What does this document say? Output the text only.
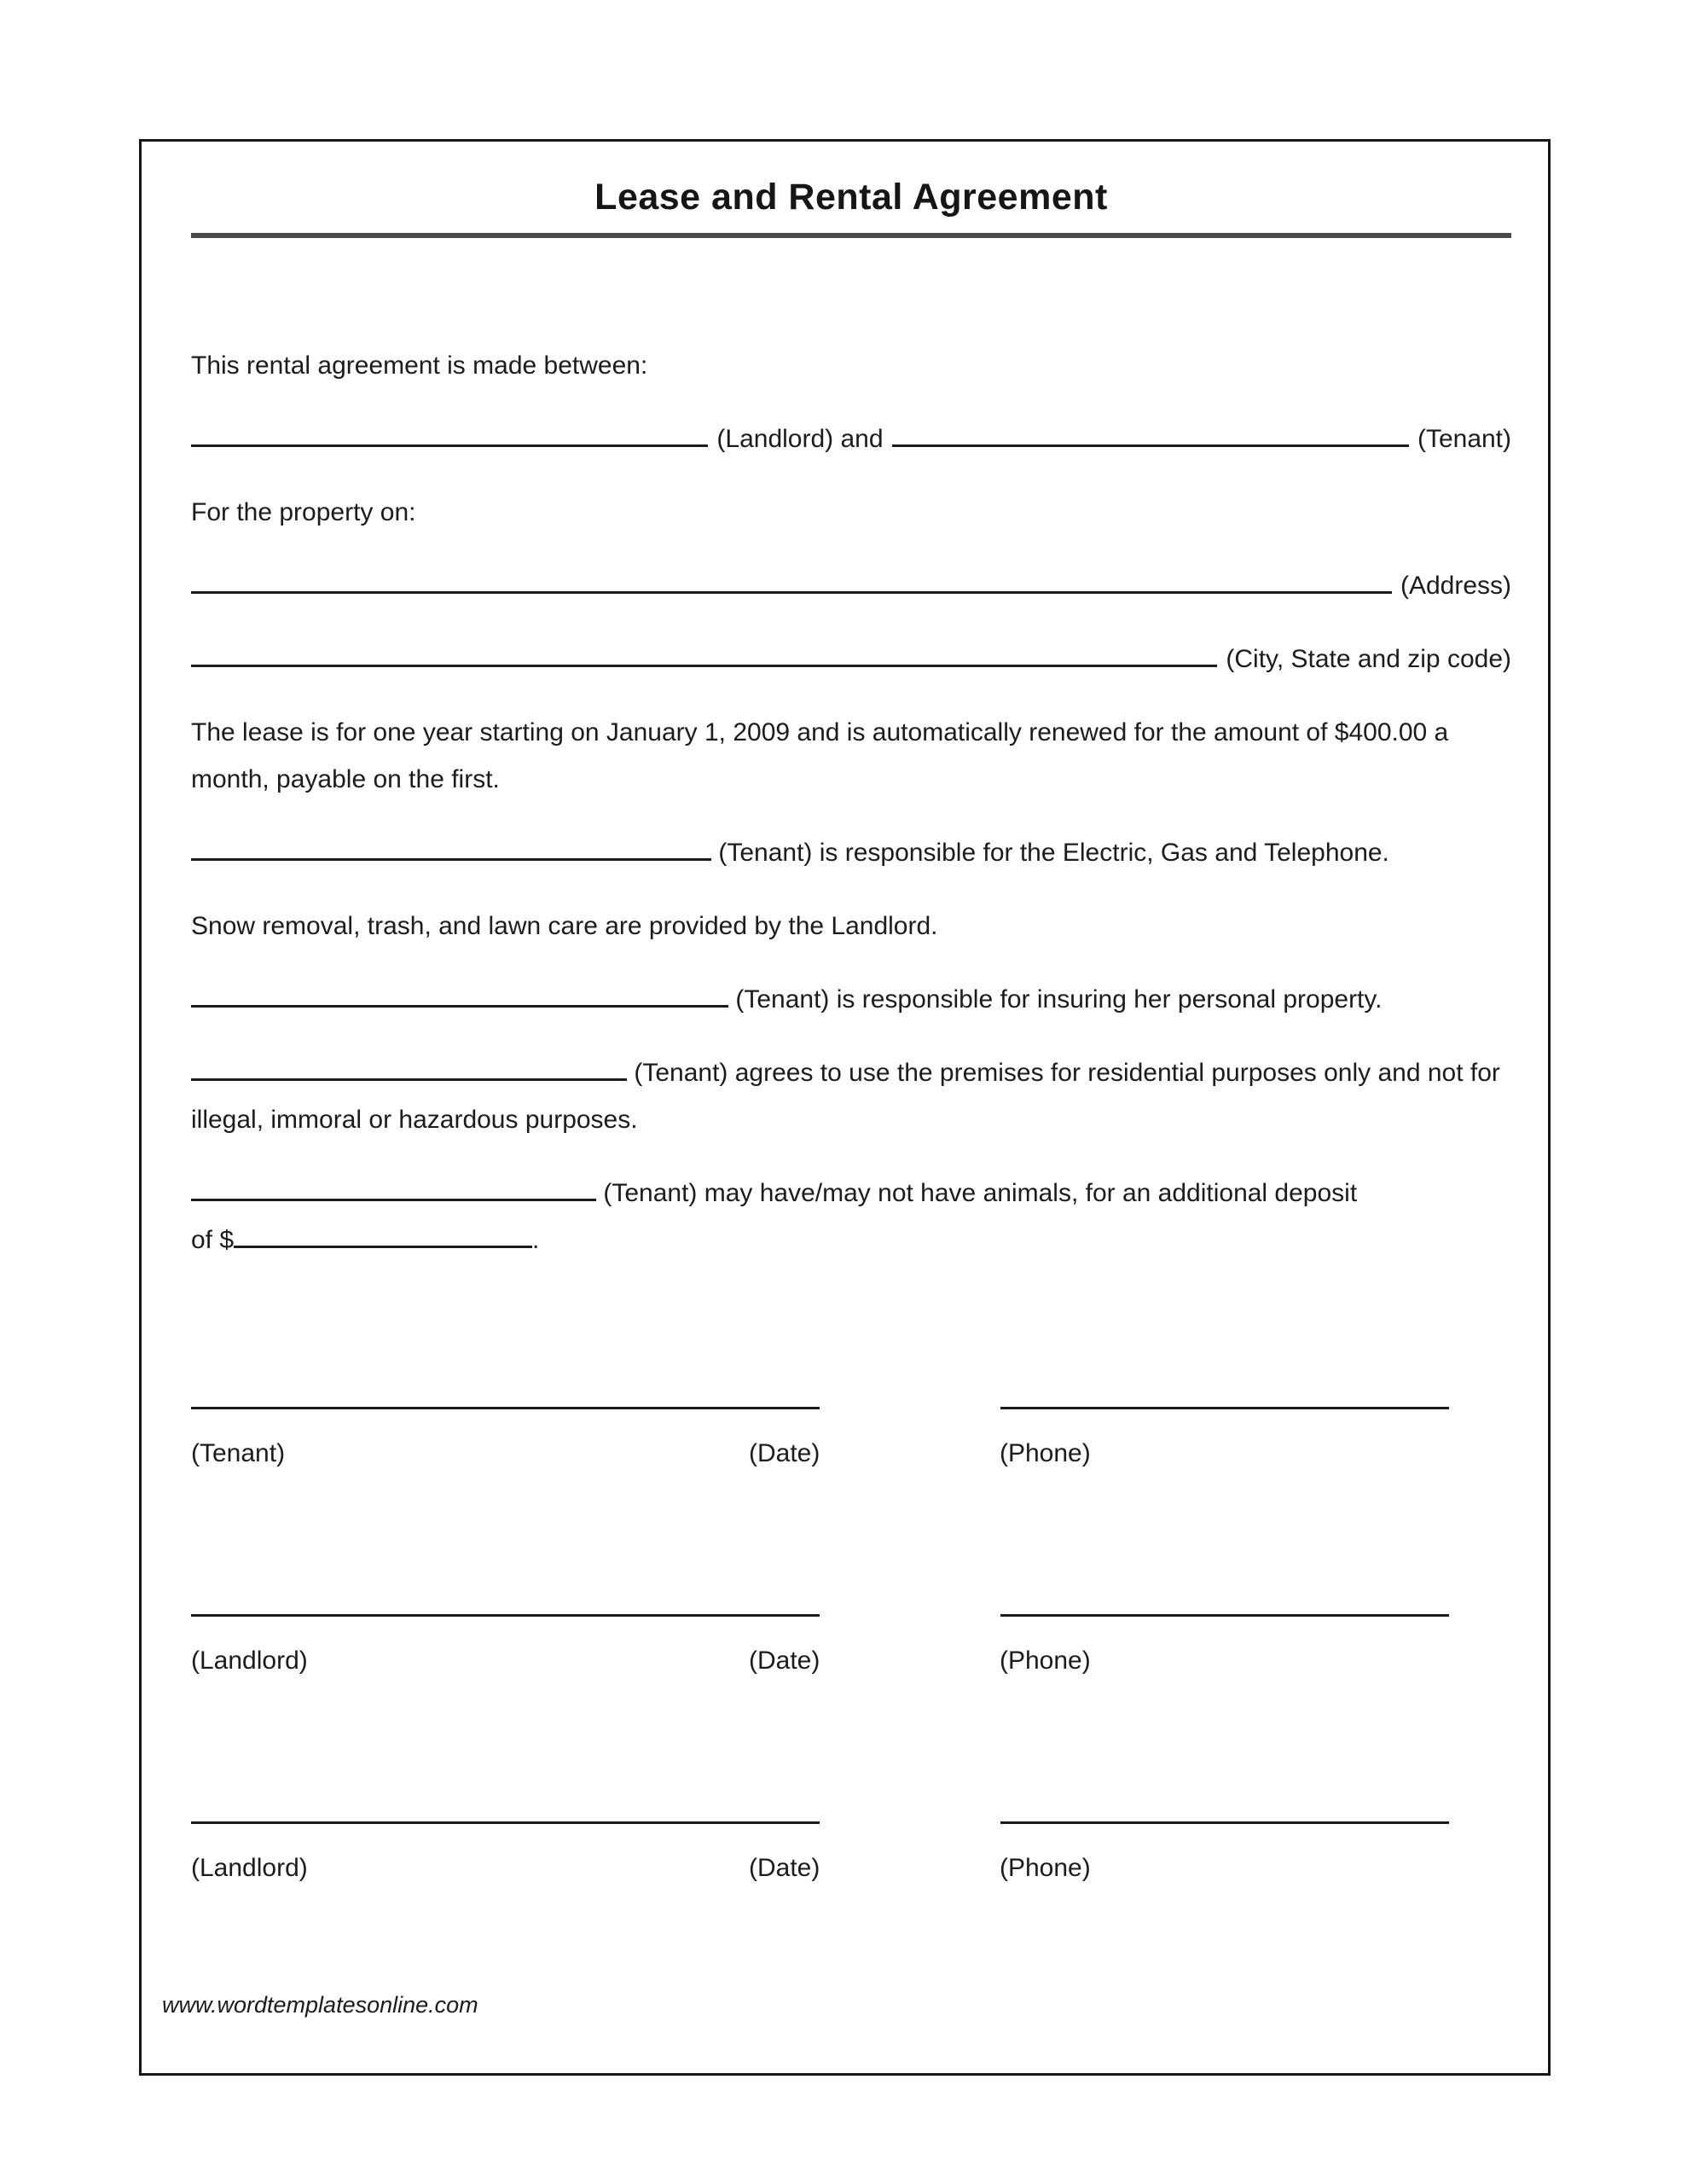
Lease and Rental Agreement

This rental agreement is made between:

(Landlord) and	(Tenant)

For the property on:

(Address)

(City, State and zip code)

The lease is for one year starting on January 1, 2009 and is automatically renewed for the amount of $400.00 a month, payable on the first.

(Tenant) is responsible for the Electric, Gas and Telephone.

Snow removal, trash, and lawn care are provided by the Landlord.

(Tenant) is responsible for insuring her personal property.

(Tenant) agrees to use the premises for residential purposes only and not for illegal, immoral or hazardous purposes.

(Tenant) may have/may not have animals, for an additional deposit

of $	.

(Tenant)	(Date)	(Phone)
(Landlord)	(Date)	(Phone)
(Landlord)	(Date)	(Phone)
www.wordtemplatesonline.com
